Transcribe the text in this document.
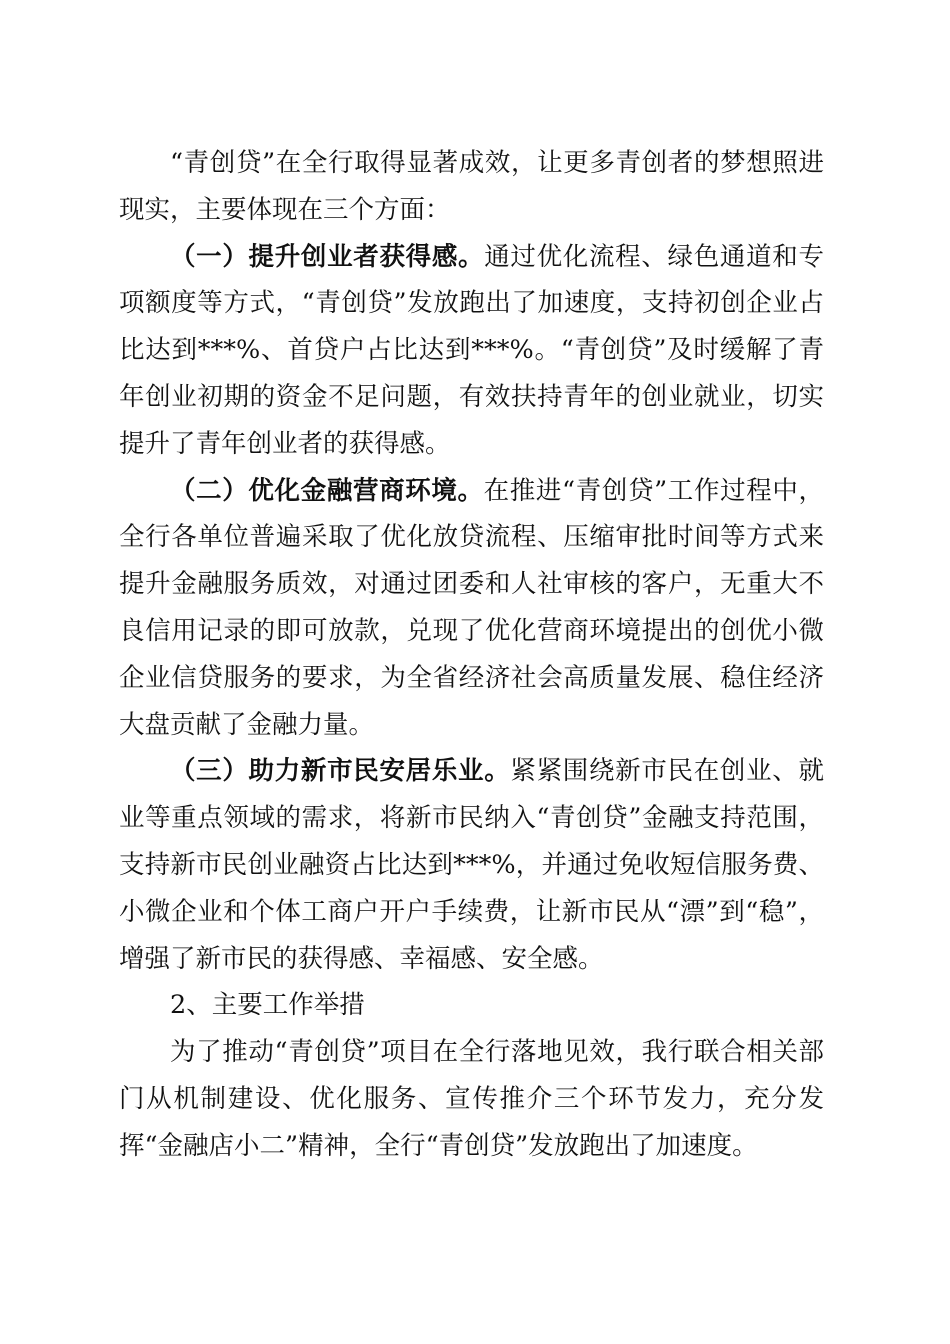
“青创贷”在全行取得显著成效，让更多青创者的梦想照进现实，主要体现在三个方面：

（一）提升创业者获得感。通过优化流程、绿色通道和专项额度等方式，“青创贷”发放跑出了加速度，支持初创企业占比达到***%、首贷户占比达到***%。“青创贷”及时缓解了青年创业初期的资金不足问题，有效扶持青年的创业就业，切实提升了青年创业者的获得感。

（二）优化金融营商环境。在推进“青创贷”工作过程中，全行各单位普遍采取了优化放贷流程、压缩审批时间等方式来提升金融服务质效，对通过团委和人社审核的客户，无重大不良信用记录的即可放款，兑现了优化营商环境提出的创优小微企业信贷服务的要求，为全省经济社会高质量发展、稳住经济大盘贡献了金融力量。

（三）助力新市民安居乐业。紧紧围绕新市民在创业、就业等重点领域的需求，将新市民纳入“青创贷”金融支持范围，支持新市民创业融资占比达到***%，并通过免收短信服务费、小微企业和个体工商户开户手续费，让新市民从“漂”到“稳”，增强了新市民的获得感、幸福感、安全感。

2、主要工作举措

为了推动“青创贷”项目在全行落地见效，我行联合相关部门从机制建设、优化服务、宣传推介三个环节发力，充分发挥“金融店小二”精神，全行“青创贷”发放跑出了加速度。
